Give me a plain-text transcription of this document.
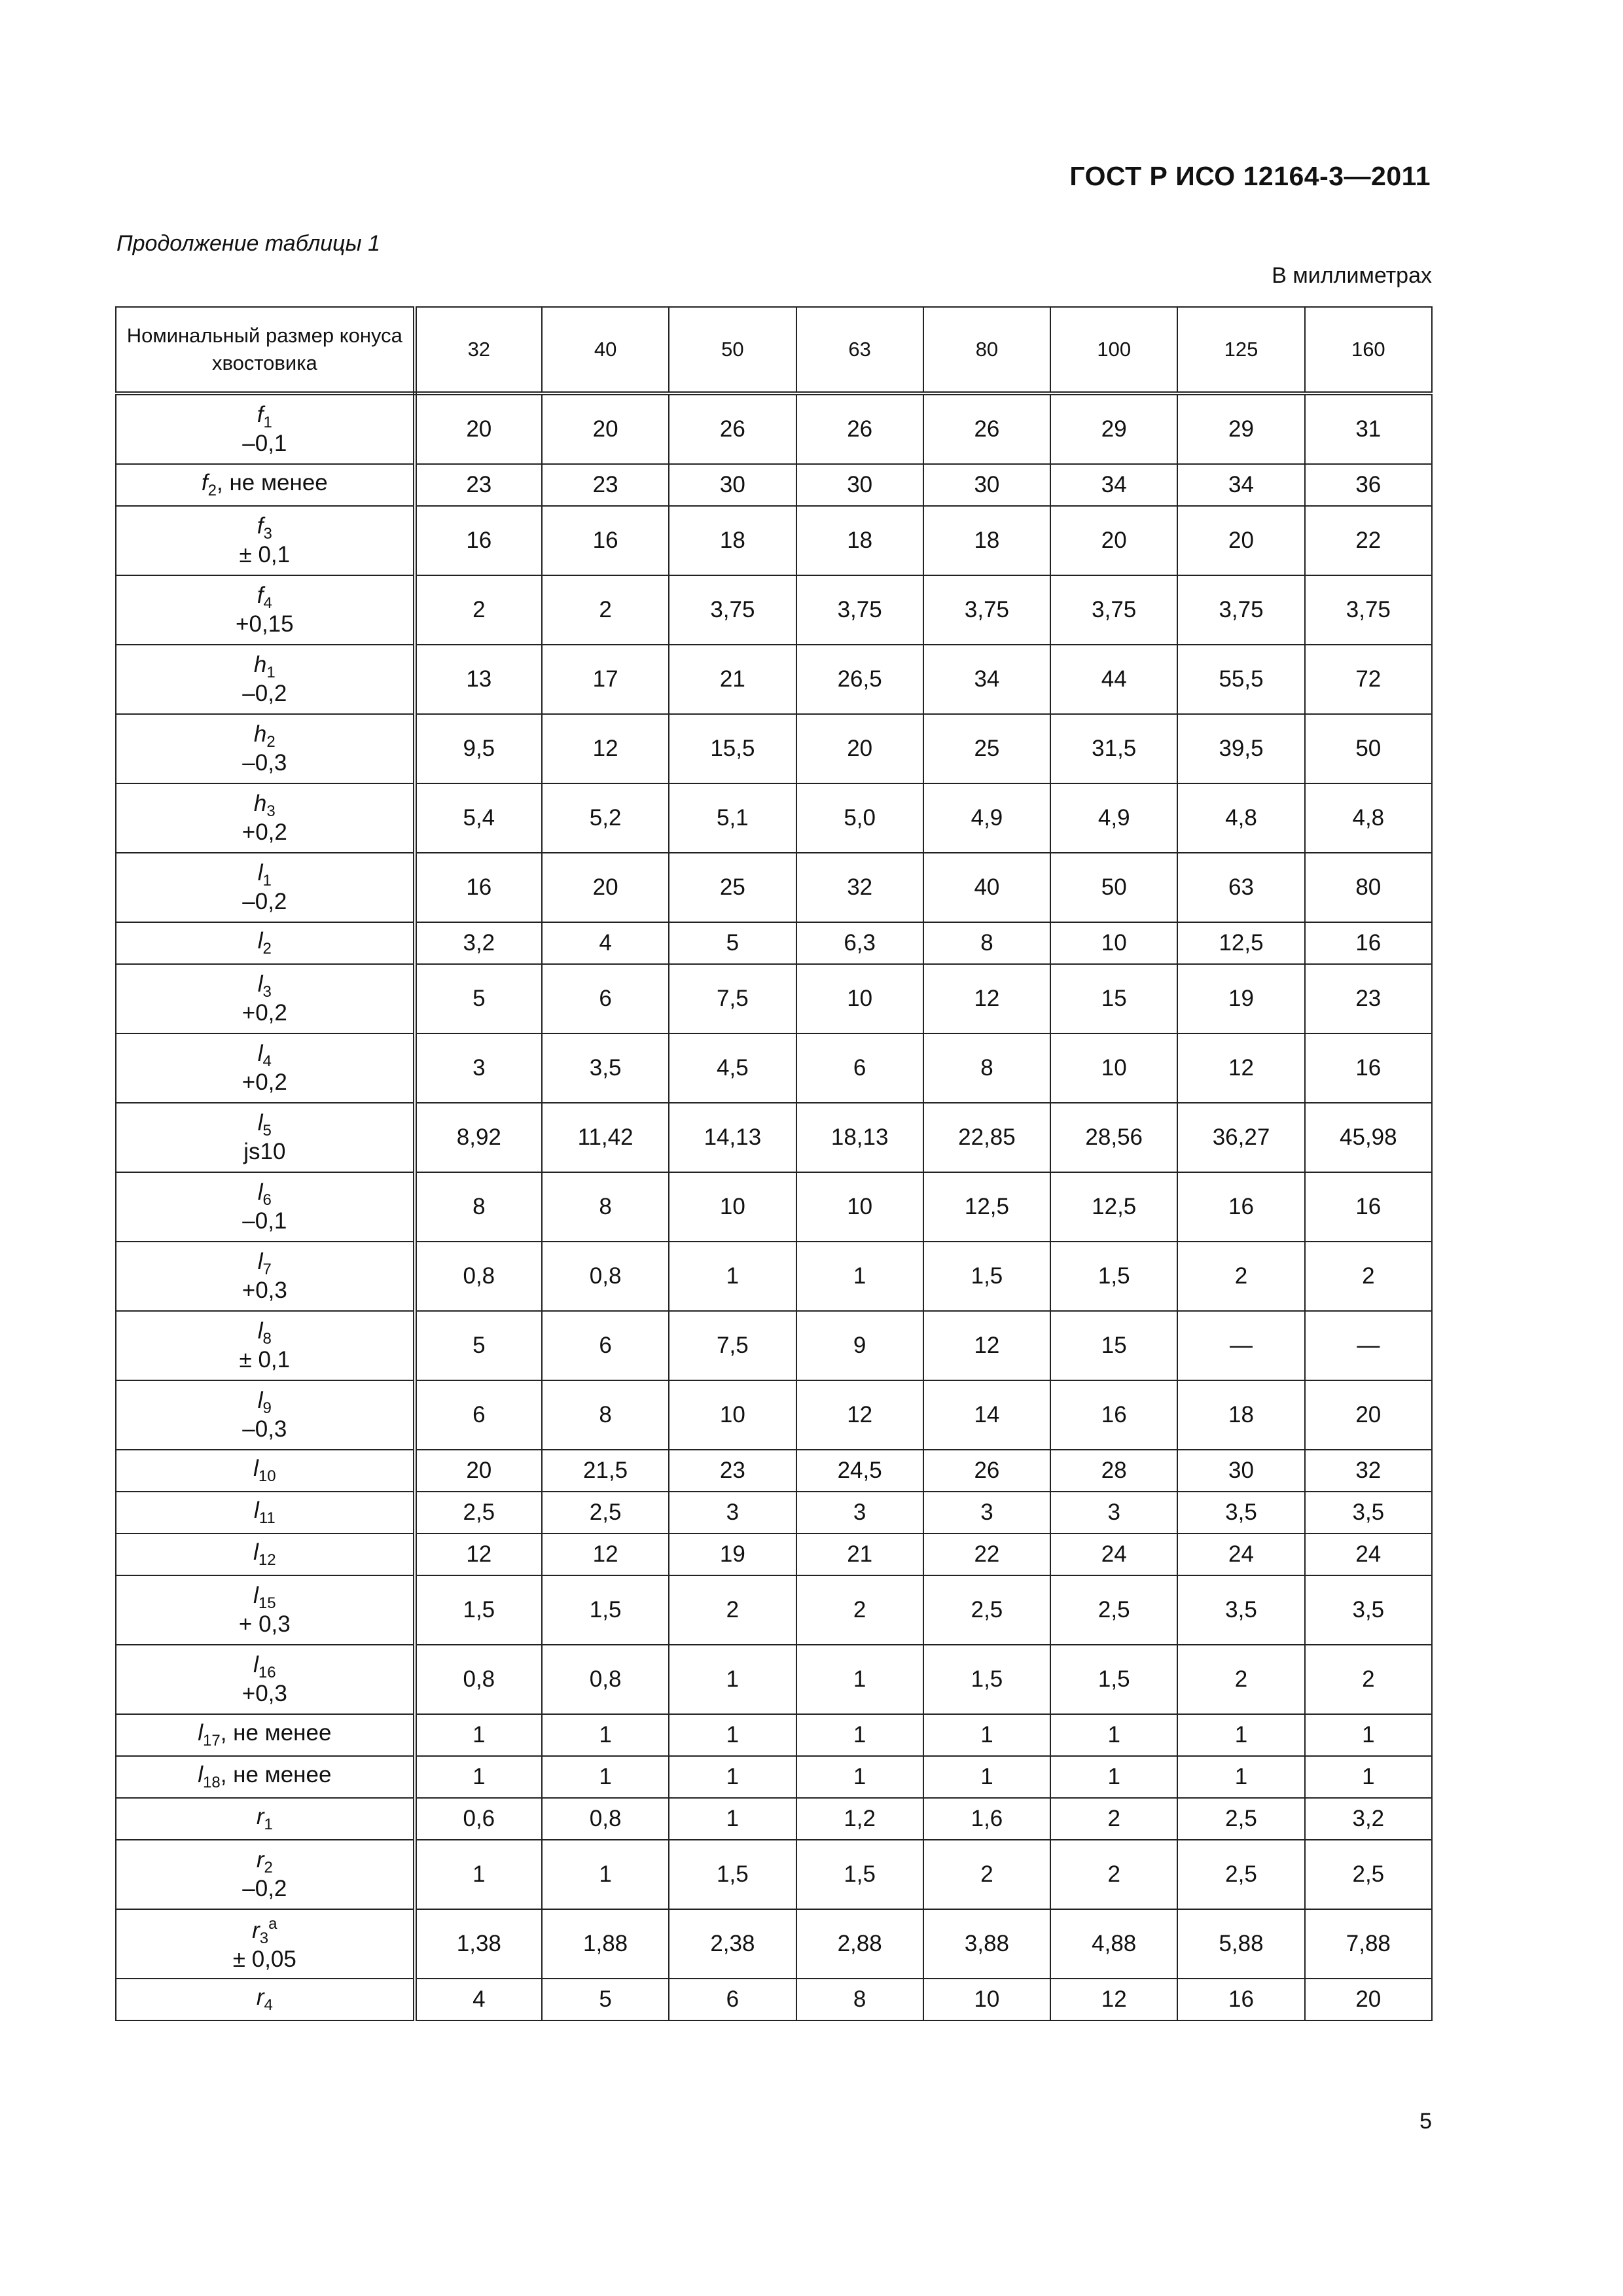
ГОСТ Р ИСО 12164-3—2011
Продолжение таблицы 1
В миллиметрах
Номинальный размер конуса хвостовика	32	40	50	63	80	100	125	160
$f_1$
–0,1	20	20	26	26	26	29	29	31
$f_2$, не менее	23	23	30	30	30	34	34	36
$f_3$
± 0,1	16	16	18	18	18	20	20	22
$f_4$
+0,15	2	2	3,75	3,75	3,75	3,75	3,75	3,75
$h_1$
–0,2	13	17	21	26,5	34	44	55,5	72
$h_2$
–0,3	9,5	12	15,5	20	25	31,5	39,5	50
$h_3$
+0,2	5,4	5,2	5,1	5,0	4,9	4,9	4,8	4,8
$l_1$
–0,2	16	20	25	32	40	50	63	80
$l_2$	3,2	4	5	6,3	8	10	12,5	16
$l_3$
+0,2	5	6	7,5	10	12	15	19	23
$l_4$
+0,2	3	3,5	4,5	6	8	10	12	16
$l_5$
js10	8,92	11,42	14,13	18,13	22,85	28,56	36,27	45,98
$l_6$
–0,1	8	8	10	10	12,5	12,5	16	16
$l_7$
+0,3	0,8	0,8	1	1	1,5	1,5	2	2
$l_8$
± 0,1	5	6	7,5	9	12	15	—	—
$l_9$
–0,3	6	8	10	12	14	16	18	20
$l_{10}$	20	21,5	23	24,5	26	28	30	32
$l_{11}$	2,5	2,5	3	3	3	3	3,5	3,5
$l_{12}$	12	12	19	21	22	24	24	24
$l_{15}$
+ 0,3	1,5	1,5	2	2	2,5	2,5	3,5	3,5
$l_{16}$
+0,3	0,8	0,8	1	1	1,5	1,5	2	2
$l_{17}$, не менее	1	1	1	1	1	1	1	1
$l_{18}$, не менее	1	1	1	1	1	1	1	1
$r_1$	0,6	0,8	1	1,2	1,6	2	2,5	3,2
$r_2$
–0,2	1	1	1,5	1,5	2	2	2,5	2,5
$r_3^a$
± 0,05	1,38	1,88	2,38	2,88	3,88	4,88	5,88	7,88
$r_4$	4	5	6	8	10	12	16	20
5
